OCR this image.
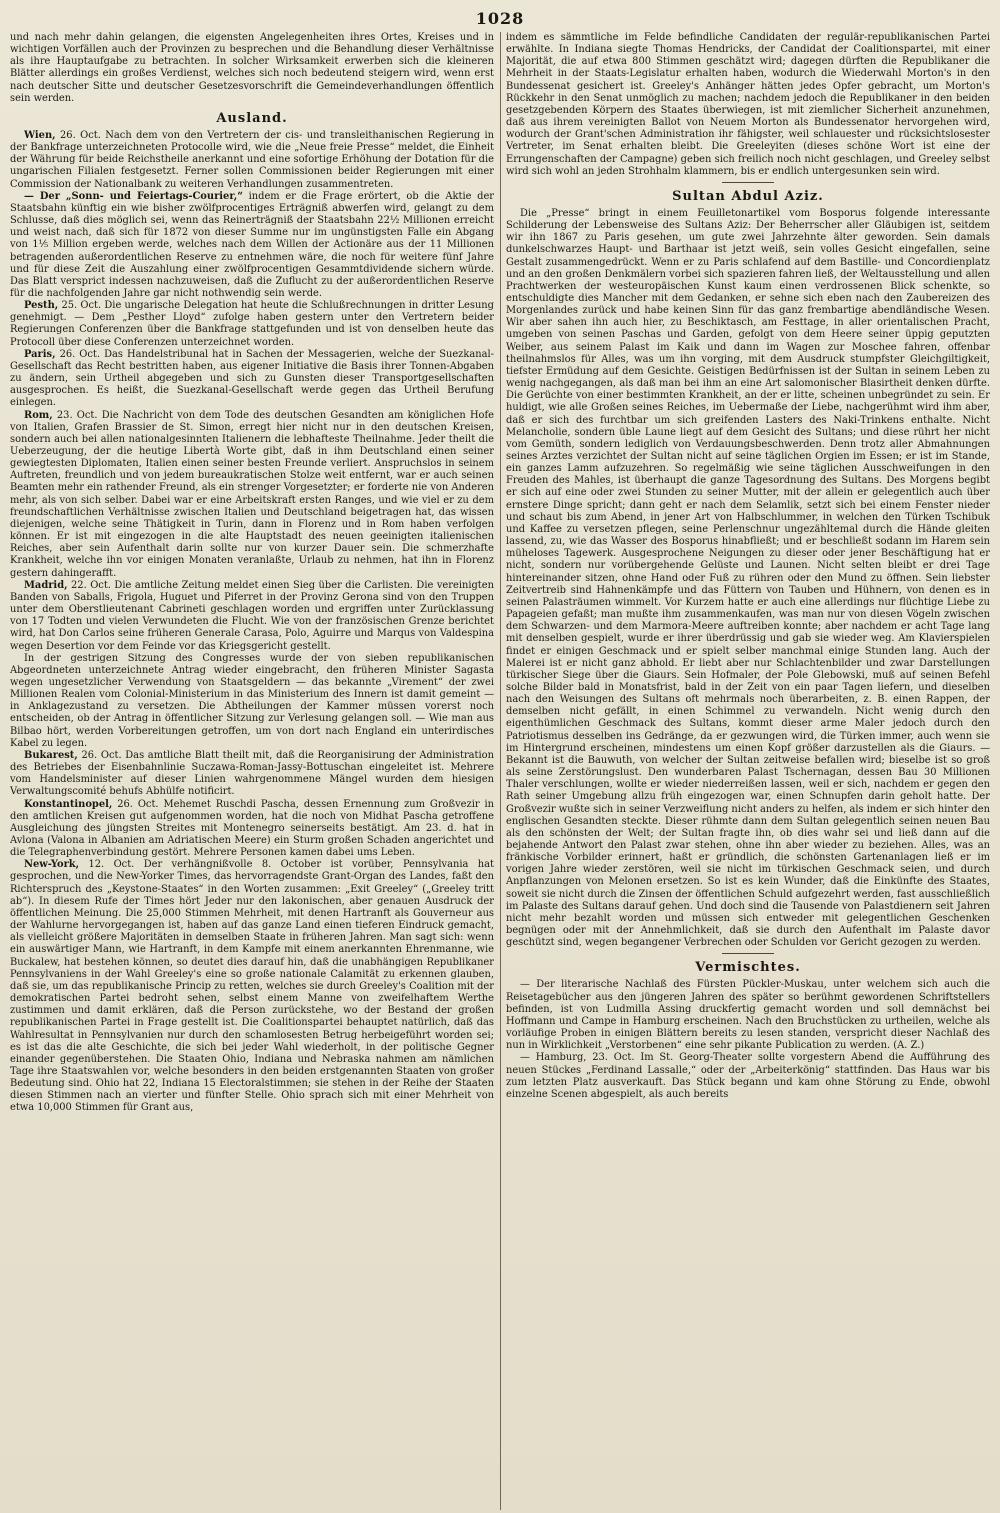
1028

und nach mehr dahin gelangen, die eigensten Angelegenheiten ihres Ortes, Kreises und in wichtigen Vorfällen auch der Provinzen zu besprechen und die Behandlung dieser Verhältnisse als ihre Hauptaufgabe zu betrachten. In solcher Wirksamkeit erwerben sich die kleineren Blätter allerdings ein großes Verdienst, welches sich noch bedeutend steigern wird, wenn erst nach deutscher Sitte und deutscher Gesetzesvorschrift die Gemeindeverhandlungen öffentlich sein werden.

Ausland.

Wien, 26. Oct. Nach dem von den Vertretern der cis- und transleithanischen Regierung in der Bankfrage unterzeichneten Protocolle wird, wie die „Neue freie Presse“ meldet, die Einheit der Währung für beide Reichstheile anerkannt und eine sofortige Erhöhung der Dotation für die ungarischen Filialen festgesetzt. Ferner sollen Commissionen beider Regierungen mit einer Commission der Nationalbank zu weiteren Verhandlungen zusammentreten.

— Der „Sonn- und Feiertags-Courier,“ indem er die Frage erörtert, ob die Aktie der Staatsbahn künftig ein wie bisher zwölfprocentiges Erträgniß abwerfen wird, gelangt zu dem Schlusse, daß dies möglich sei, wenn das Reinerträgniß der Staatsbahn 22½ Millionen erreicht und weist nach, daß sich für 1872 von dieser Summe nur im ungünstigsten Falle ein Abgang von 1⅕ Million ergeben werde, welches nach dem Willen der Actionäre aus der 11 Millionen betragenden außerordentlichen Reserve zu entnehmen wäre, die noch für weitere fünf Jahre und für diese Zeit die Auszahlung einer zwölfprocentigen Gesammtdividende sichern würde. Das Blatt versprict indessen nachzuweisen, daß die Zuflucht zu der außerordentlichen Reserve für die nachfolgenden Jahre gar nicht nothwendig sein werde.

Pesth, 25. Oct. Die ungarische Delegation hat heute die Schlußrechnungen in dritter Lesung genehmigt. — Dem „Pesther Lloyd“ zufolge haben gestern unter den Vertretern beider Regierungen Conferenzen über die Bankfrage stattgefunden und ist von denselben heute das Protocoll über diese Conferenzen unterzeichnet worden.

Paris, 26. Oct. Das Handelstribunal hat in Sachen der Messagerien, welche der Suezkanal-Gesellschaft das Recht bestritten haben, aus eigener Initiative die Basis ihrer Tonnen-Abgaben zu ändern, sein Urtheil abgegeben und sich zu Gunsten dieser Transportgesellschaften ausgesprochen. Es heißt, die Suezkanal-Gesellschaft werde gegen das Urtheil Berufung einlegen.

Rom, 23. Oct. Die Nachricht von dem Tode des deutschen Gesandten am königlichen Hofe von Italien, Grafen Brassier de St. Simon, erregt hier nicht nur in den deutschen Kreisen, sondern auch bei allen nationalgesinnten Italienern die lebhafteste Theilnahme. Jeder theilt die Ueberzeugung, der die heutige Libertà Worte gibt, daß in ihm Deutschland einen seiner gewiegtesten Diplomaten, Italien einen seiner besten Freunde verliert. Anspruchslos in seinem Auftreten, freundlich und von jedem bureaukratischen Stolze weit entfernt, war er auch seinen Beamten mehr ein rathender Freund, als ein strenger Vorgesetzter; er forderte nie von Anderen mehr, als von sich selber. Dabei war er eine Arbeitskraft ersten Ranges, und wie viel er zu dem freundschaftlichen Verhältnisse zwischen Italien und Deutschland beigetragen hat, das wissen diejenigen, welche seine Thätigkeit in Turin, dann in Florenz und in Rom haben verfolgen können. Er ist mit eingezogen in die alte Hauptstadt des neuen geeinigten italienischen Reiches, aber sein Aufenthalt darin sollte nur von kurzer Dauer sein. Die schmerzhafte Krankheit, welche ihn vor einigen Monaten veranlaßte, Urlaub zu nehmen, hat ihn in Florenz gestern dahingerafft.

Madrid, 22. Oct. Die amtliche Zeitung meldet einen Sieg über die Carlisten. Die vereinigten Banden von Saballs, Frigola, Huguet und Piferret in der Provinz Gerona sind von den Truppen unter dem Oberstlieutenant Cabrineti geschlagen worden und ergriffen unter Zurücklassung von 17 Todten und vielen Verwundeten die Flucht. Wie von der französischen Grenze berichtet wird, hat Don Carlos seine früheren Generale Carasa, Polo, Aguirre und Marqus von Valdespina wegen Desertion vor dem Feinde vor das Kriegsgericht gestellt.

In der gestrigen Sitzung des Congresses wurde der von sieben republikanischen Abgeordneten unterzeichnete Antrag wieder eingebracht, den früheren Minister Sagasta wegen ungesetzlicher Verwendung von Staatsgeldern — das bekannte „Virement“ der zwei Millionen Realen vom Colonial-Ministerium in das Ministerium des Innern ist damit gemeint — in Anklagezustand zu versetzen. Die Abtheilungen der Kammer müssen vorerst noch entscheiden, ob der Antrag in öffentlicher Sitzung zur Verlesung gelangen soll. — Wie man aus Bilbao hört, werden Vorbereitungen getroffen, um von dort nach England ein unterirdisches Kabel zu legen.

Bukarest, 26. Oct. Das amtliche Blatt theilt mit, daß die Reorganisirung der Administration des Betriebes der Eisenbahnlinie Suczawa-Roman-Jassy-Bottuschan eingeleitet ist. Mehrere vom Handelsminister auf dieser Linien wahrgenommene Mängel wurden dem hiesigen Verwaltungscomité behufs Abhülfe notificirt.

Konstantinopel, 26. Oct. Mehemet Ruschdi Pascha, dessen Ernennung zum Großvezir in den amtlichen Kreisen gut aufgenommen worden, hat die noch von Midhat Pascha getroffene Ausgleichung des jüngsten Streites mit Montenegro seinerseits bestätigt. Am 23. d. hat in Avlona (Valona in Albanien am Adriatischen Meere) ein Sturm großen Schaden angerichtet und die Telegraphenverbindung gestört. Mehrere Personen kamen dabei ums Leben.

New-York, 12. Oct. Der verhängnißvolle 8. October ist vorüber, Pennsylvania hat gesprochen, und die New-Yorker Times, das hervorragendste Grant-Organ des Landes, faßt den Richterspruch des „Keystone-Staates“ in den Worten zusammen: „Exit Greeley“ („Greeley tritt ab“). In diesem Rufe der Times hört Jeder nur den lakonischen, aber genauen Ausdruck der öffentlichen Meinung. Die 25,000 Stimmen Mehrheit, mit denen Hartranft als Gouverneur aus der Wahlurne hervorgegangen ist, haben auf das ganze Land einen tieferen Eindruck gemacht, als vielleicht größere Majoritäten in demselben Staate in früheren Jahren. Man sagt sich: wenn ein auswärtiger Mann, wie Hartranft, in dem Kampfe mit einem anerkannten Ehrenmanne, wie Buckalew, hat bestehen können, so deutet dies darauf hin, daß die unabhängigen Republikaner Pennsylvaniens in der Wahl Greeley's eine so große nationale Calamität zu erkennen glauben, daß sie, um das republikanische Princip zu retten, welches sie durch Greeley's Coalition mit der demokratischen Partei bedroht sehen, selbst einem Manne von zweifelhaftem Werthe zustimmen und damit erklären, daß die Person zurückstehe, wo der Bestand der großen republikanischen Partei in Frage gestellt ist. Die Coalitionspartei behauptet natürlich, daß das Wahlresultat in Pennsylvanien nur durch den schamlosesten Betrug herbeigeführt worden sei; es ist das die alte Geschichte, die sich bei jeder Wahl wiederholt, in der politische Gegner einander gegenüberstehen. Die Staaten Ohio, Indiana und Nebraska nahmen am nämlichen Tage ihre Staatswahlen vor, welche besonders in den beiden erstgenannten Staaten von großer Bedeutung sind. Ohio hat 22, Indiana 15 Electoralstimmen; sie stehen in der Reihe der Staaten diesen Stimmen nach an vierter und fünfter Stelle. Ohio sprach sich mit einer Mehrheit von etwa 10,000 Stimmen für Grant aus,

indem es sämmtliche im Felde befindliche Candidaten der regulär-republikanischen Partei erwählte. In Indiana siegte Thomas Hendricks, der Candidat der Coalitionspartei, mit einer Majorität, die auf etwa 800 Stimmen geschätzt wird; dagegen dürften die Republikaner die Mehrheit in der Staats-Legislatur erhalten haben, wodurch die Wiederwahl Morton's in den Bundessenat gesichert ist. Greeley's Anhänger hätten jedes Opfer gebracht, um Morton's Rückkehr in den Senat unmöglich zu machen; nachdem jedoch die Republikaner in den beiden gesetzgebenden Körpern des Staates überwiegen, ist mit ziemlicher Sicherheit anzunehmen, daß aus ihrem vereinigten Ballot von Neuem Morton als Bundessenator hervorgehen wird, wodurch der Grant'schen Administration ihr fähigster, weil schlauester und rücksichtslosester Vertreter, im Senat erhalten bleibt. Die Greeleyiten (dieses schöne Wort ist eine der Errungenschaften der Campagne) geben sich freilich noch nicht geschlagen, und Greeley selbst wird sich wohl an jeden Strohhalm klammern, bis er endlich untergesunken sein wird.

Sultan Abdul Aziz.

Die „Presse“ bringt in einem Feuilletonartikel vom Bosporus folgende interessante Schilderung der Lebensweise des Sultans Aziz: Der Beherrscher aller Gläubigen ist, seitdem wir ihn 1867 zu Paris gesehen, um gute zwei Jahrzehnte älter geworden. Sein damals dunkelschwarzes Haupt- und Barthaar ist jetzt weiß, sein volles Gesicht eingefallen, seine Gestalt zusammengedrückt. Wenn er zu Paris schlafend auf dem Bastille- und Concordienplatz und an den großen Denkmälern vorbei sich spazieren fahren ließ, der Weltausstellung und allen Prachtwerken der westeuropäischen Kunst kaum einen verdrossenen Blick schenkte, so entschuldigte dies Mancher mit dem Gedanken, er sehne sich eben nach den Zaubereizen des Morgenlandes zurück und habe keinen Sinn für das ganz frembartige abendländische Wesen. Wir aber sahen ihn auch hier, zu Beschiktasch, am Festtage, in aller orientalischen Pracht, umgeben von seinen Paschas und Garden, gefolgt von dem Heere seiner üppig geputzten Weiber, aus seinem Palast im Kaik und dann im Wagen zur Moschee fahren, offenbar theilnahmslos für Alles, was um ihn vorging, mit dem Ausdruck stumpfster Gleichgiltigkeit, tiefster Ermüdung auf dem Gesichte. Geistigen Bedürfnissen ist der Sultan in seinem Leben zu wenig nachgegangen, als daß man bei ihm an eine Art salomonischer Blasirtheit denken dürfte. Die Gerüchte von einer bestimmten Krankheit, an der er litte, scheinen unbegründet zu sein. Er huldigt, wie alle Großen seines Reiches, im Uebermaße der Liebe, nachgerühmt wird ihm aber, daß er sich des furchtbar um sich greifenden Lasters des Naki-Trinkens enthalte. Nicht Melancholie, sondern üble Laune liegt auf dem Gesicht des Sultans; und diese rührt her nicht vom Gemüth, sondern lediglich von Verdauungsbeschwerden. Denn trotz aller Abmahnungen seines Arztes verzichtet der Sultan nicht auf seine täglichen Orgien im Essen; er ist im Stande, ein ganzes Lamm aufzuzehren. So regelmäßig wie seine täglichen Ausschweifungen in den Freuden des Mahles, ist überhaupt die ganze Tagesordnung des Sultans. Des Morgens begibt er sich auf eine oder zwei Stunden zu seiner Mutter, mit der allein er gelegentlich auch über ernstere Dinge spricht; dann geht er nach dem Selamlik, setzt sich bei einem Fenster nieder und schaut bis zum Abend, in jener Art von Halbschlummer, in welchen den Türken Tschibuk und Kaffee zu versetzen pflegen, seine Perlenschnur ungezähltemal durch die Hände gleiten lassend, zu, wie das Wasser des Bosporus hinabfließt; und er beschließt sodann im Harem sein müheloses Tagewerk. Ausgesprochene Neigungen zu dieser oder jener Beschäftigung hat er nicht, sondern nur vorübergehende Gelüste und Launen. Nicht selten bleibt er drei Tage hintereinander sitzen, ohne Hand oder Fuß zu rühren oder den Mund zu öffnen. Sein liebster Zeitvertreib sind Hahnenkämpfe und das Füttern von Tauben und Hühnern, von denen es in seinen Palasträumen wimmelt. Vor Kurzem hatte er auch eine allerdings nur flüchtige Liebe zu Papageien gefaßt; man mußte ihm zusammenkaufen, was man nur von diesen Vögeln zwischen dem Schwarzen- und dem Marmora-Meere auftreiben konnte; aber nachdem er acht Tage lang mit denselben gespielt, wurde er ihrer überdrüssig und gab sie wieder weg. Am Klavierspielen findet er einigen Geschmack und er spielt selber manchmal einige Stunden lang. Auch der Malerei ist er nicht ganz abhold. Er liebt aber nur Schlachtenbilder und zwar Darstellungen türkischer Siege über die Giaurs. Sein Hofmaler, der Pole Glebowski, muß auf seinen Befehl solche Bilder bald in Monatsfrist, bald in der Zeit von ein paar Tagen liefern, und dieselben nach den Weisungen des Sultans oft mehrmals noch überarbeiten, z. B. einen Rappen, der demselben nicht gefällt, in einen Schimmel zu verwandeln. Nicht wenig durch den eigenthümlichen Geschmack des Sultans, kommt dieser arme Maler jedoch durch den Patriotismus desselben ins Gedränge, da er gezwungen wird, die Türken immer, auch wenn sie im Hintergrund erscheinen, mindestens um einen Kopf größer darzustellen als die Giaurs. — Bekannt ist die Bauwuth, von welcher der Sultan zeitweise befallen wird; bieselbe ist so groß als seine Zerstörungslust. Den wunderbaren Palast Tschernagan, dessen Bau 30 Millionen Thaler verschlungen, wollte er wieder niederreißen lassen, weil er sich, nachdem er gegen den Rath seiner Umgebung allzu früh eingezogen war, einen Schnupfen darin geholt hatte. Der Großvezir wußte sich in seiner Verzweiflung nicht anders zu helfen, als indem er sich hinter den englischen Gesandten steckte. Dieser rühmte dann dem Sultan gelegentlich seinen neuen Bau als den schönsten der Welt; der Sultan fragte ihn, ob dies wahr sei und ließ dann auf die bejahende Antwort den Palast zwar stehen, ohne ihn aber wieder zu beziehen. Alles, was an fränkische Vorbilder erinnert, haßt er gründlich, die schönsten Gartenanlagen ließ er im vorigen Jahre wieder zerstören, weil sie nicht im türkischen Geschmack seien, und durch Anpflanzungen von Melonen ersetzen. So ist es kein Wunder, daß die Einkünfte des Staates, soweit sie nicht durch die Zinsen der öffentlichen Schuld aufgezehrt werden, fast ausschließlich im Palaste des Sultans darauf gehen. Und doch sind die Tausende von Palastdienern seit Jahren nicht mehr bezahlt worden und müssen sich entweder mit gelegentlichen Geschenken begnügen oder mit der Annehmlichkeit, daß sie durch den Aufenthalt im Palaste davor geschützt sind, wegen begangener Verbrechen oder Schulden vor Gericht gezogen zu werden.

Vermischtes.

— Der literarische Nachlaß des Fürsten Pückler-Muskau, unter welchem sich auch die Reisetagebücher aus den jüngeren Jahren des später so berühmt gewordenen Schriftstellers befinden, ist von Ludmilla Assing druckfertig gemacht worden und soll demnächst bei Hoffmann und Campe in Hamburg erscheinen. Nach den Bruchstücken zu urtheilen, welche als vorläufige Proben in einigen Blättern bereits zu lesen standen, verspricht dieser Nachlaß des nun in Wirklichkeit „Verstorbenen“ eine sehr pikante Publication zu werden. (A. Z.)

— Hamburg, 23. Oct. Im St. Georg-Theater sollte vorgestern Abend die Aufführung des neuen Stückes „Ferdinand Lassalle,“ oder der „Arbeiterkönig“ stattfinden. Das Haus war bis zum letzten Platz ausverkauft. Das Stück begann und kam ohne Störung zu Ende, obwohl einzelne Scenen abgespielt, als auch bereits
